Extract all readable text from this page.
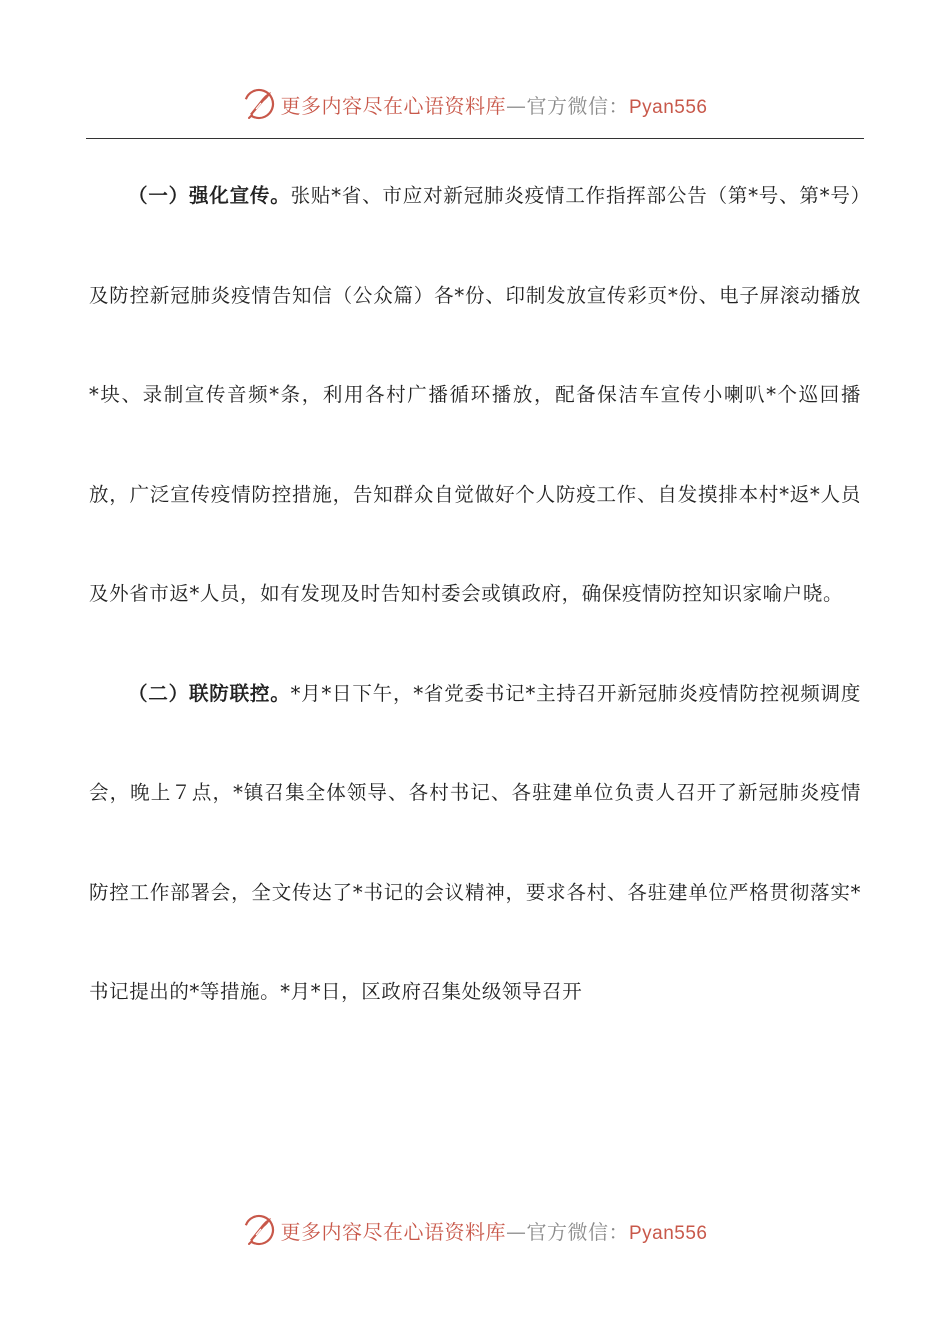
更多内容尽在心语资料库—官方微信：Pyan556

（一）强化宣传。张贴*省、市应对新冠肺炎疫情工作指挥部公告（第*号、第*号）及防控新冠肺炎疫情告知信（公众篇）各*份、印制发放宣传彩页*份、电子屏滚动播放*块、录制宣传音频*条，利用各村广播循环播放，配备保洁车宣传小喇叭*个巡回播放，广泛宣传疫情防控措施，告知群众自觉做好个人防疫工作、自发摸排本村*返*人员及外省市返*人员，如有发现及时告知村委会或镇政府，确保疫情防控知识家喻户晓。

（二）联防联控。*月*日下午，*省党委书记*主持召开新冠肺炎疫情防控视频调度会，晚上７点，*镇召集全体领导、各村书记、各驻建单位负责人召开了新冠肺炎疫情防控工作部署会，全文传达了*书记的会议精神，要求各村、各驻建单位严格贯彻落实*书记提出的*等措施。*月*日，区政府召集处级领导召开

更多内容尽在心语资料库—官方微信：Pyan556
